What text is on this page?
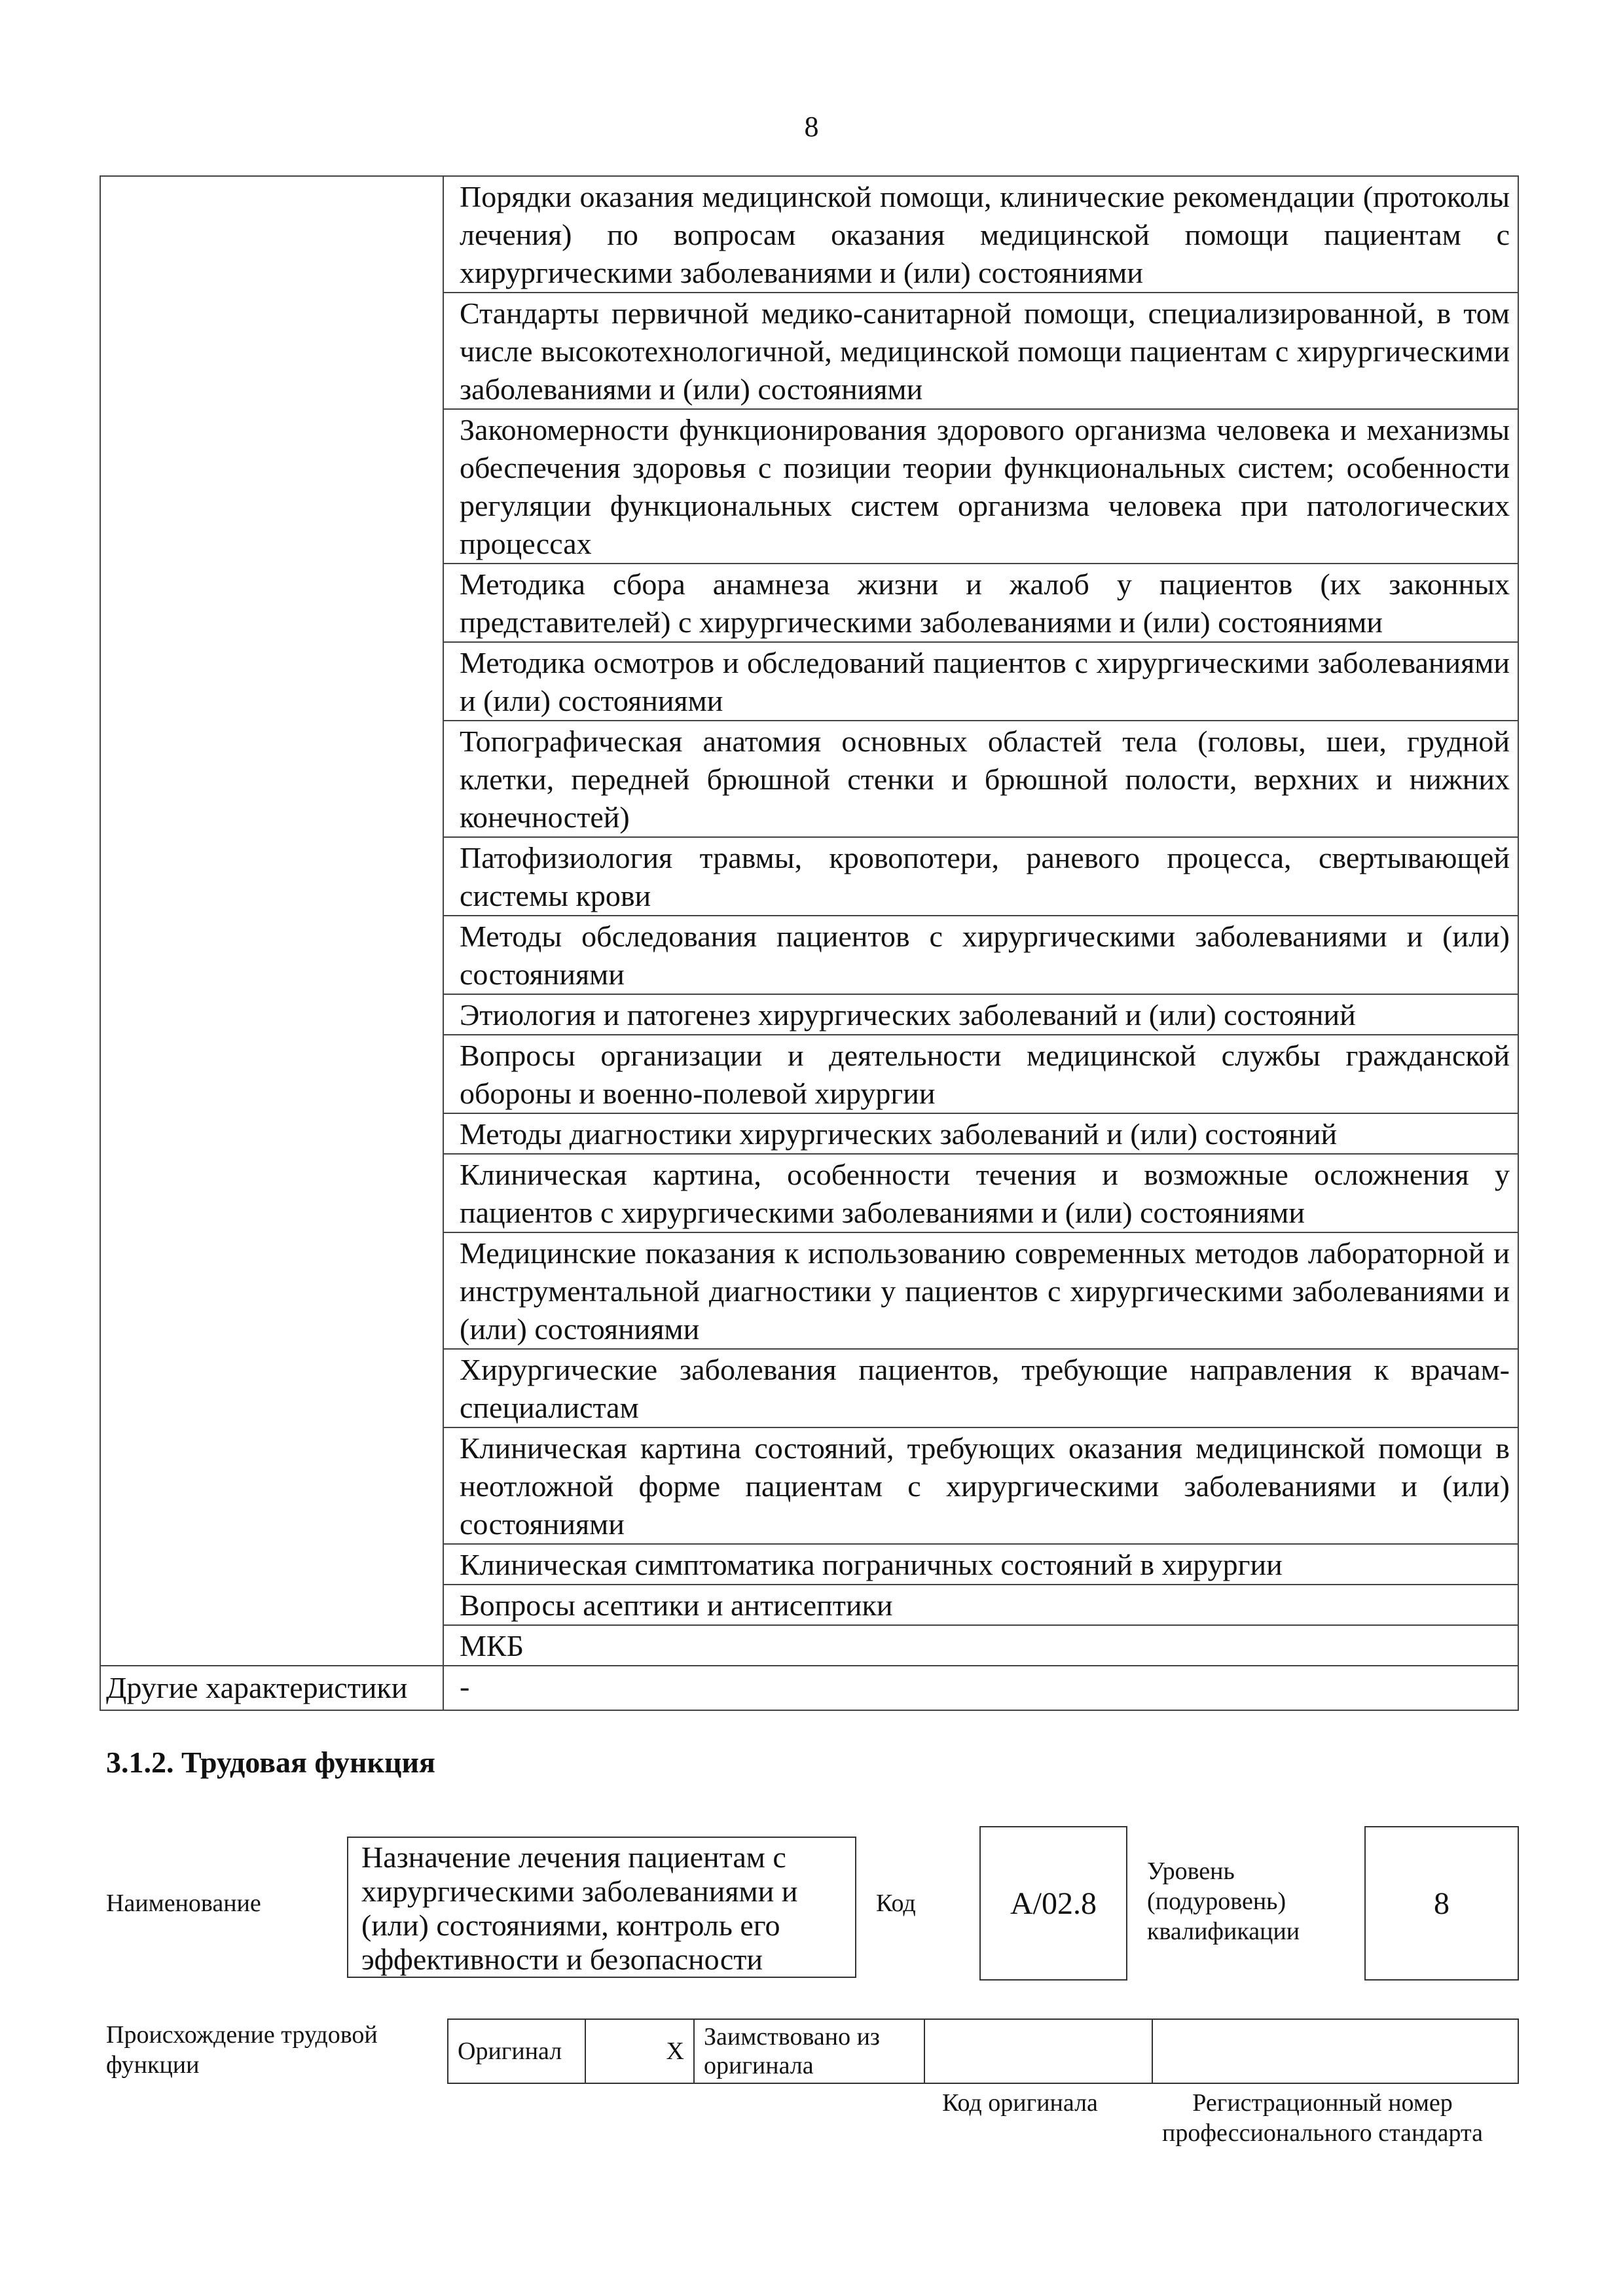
8
	Порядки оказания медицинской помощи, клинические рекомендации (протоколы лечения) по вопросам оказания медицинской помощи пациентам с хирургическими заболеваниями и (или) состояниями
	Стандарты первичной медико-санитарной помощи, специализированной, в том числе высокотехнологичной, медицинской помощи пациентам с хирургическими заболеваниями и (или) состояниями
	Закономерности функционирования здорового организма человека и механизмы обеспечения здоровья с позиции теории функциональных систем; особенности регуляции функциональных систем организма человека при патологических процессах
	Методика сбора анамнеза жизни и жалоб у пациентов (их законных представителей) с хирургическими заболеваниями и (или) состояниями
	Методика осмотров и обследований пациентов с хирургическими заболеваниями и (или) состояниями
	Топографическая анатомия основных областей тела (головы, шеи, грудной клетки, передней брюшной стенки и брюшной полости, верхних и нижних конечностей)
	Патофизиология травмы, кровопотери, раневого процесса, свертывающей системы крови
	Методы обследования пациентов с хирургическими заболеваниями и (или) состояниями
	Этиология и патогенез хирургических заболеваний и (или) состояний
	Вопросы организации и деятельности медицинской службы гражданской обороны и военно-полевой хирургии
	Методы диагностики хирургических заболеваний и (или) состояний
	Клиническая картина, особенности течения и возможные осложнения у пациентов с хирургическими заболеваниями и (или) состояниями
	Медицинские показания к использованию современных методов лабораторной и инструментальной диагностики у пациентов с хирургическими заболеваниями и (или) состояниями
	Хирургические заболевания пациентов, требующие направления к врачам-специалистам
	Клиническая картина состояний, требующих оказания медицинской помощи в неотложной форме пациентам с хирургическими заболеваниями и (или) состояниями
	Клиническая симптоматика пограничных состояний в хирургии
	Вопросы асептики и антисептики
	МКБ
Другие характеристики	-
3.1.2. Трудовая функция
Наименование
Назначение лечения пациентам с хирургическими заболеваниями и (или) состояниями, контроль его эффективности и безопасности
Код	А/02.8
Уровень (подуровень) квалификации
8
Происхождение трудовой функции	Оригинал	X	Заимствовано из оригинала		
Код оригинала	Регистрационный номер профессионального стандарта
